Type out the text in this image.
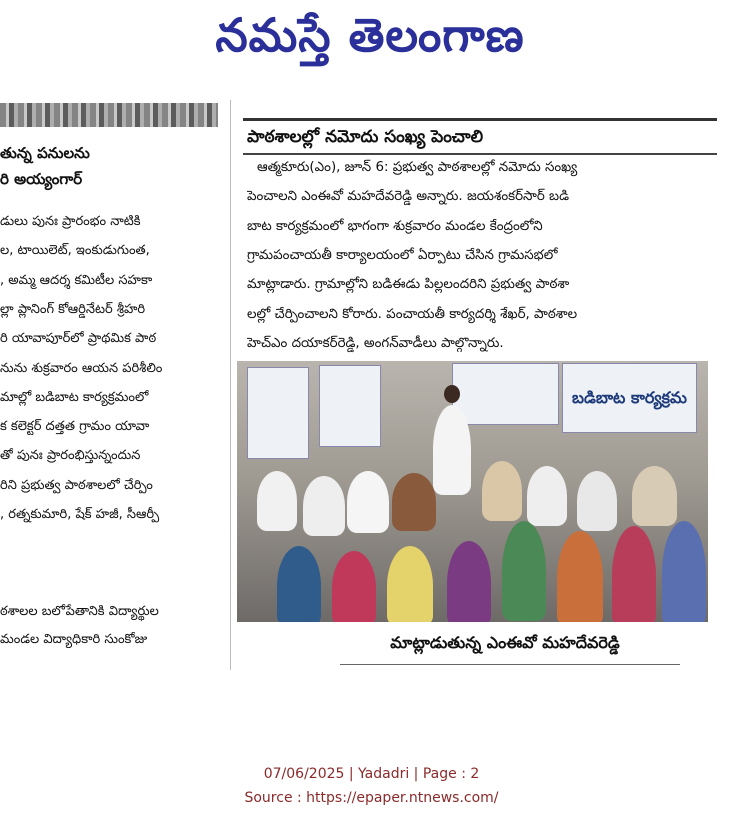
నమస్తే తెలంగాణ
తున్న పనులను
రి అయ్యంగార్
డులు పునః ప్రారంభం నాటికి
ల, టాయిలెట్, ఇంకుడుగుంత,
, అమ్మ ఆదర్శ కమిటీల సహకా
ల్లా ప్లానింగ్ కోఆర్డినేటర్ శ్రీహరి
రి యావాపూర్‌లో ప్రాథమిక పాఠ
నును శుక్రవారం ఆయన పరిశీలిం
మాల్లో బడిబాట కార్యక్రమంలో
క కలెక్టర్ దత్తత గ్రామం యావా
తో పునః ప్రారంభిస్తున్నందున
రిని ప్రభుత్వ పాఠశాలలో చేర్పిం
, రత్నకుమారి, షేక్ హజీ, సీఆర్పీ
ఠశాలల బలోపేతానికి విద్యార్థుల
మండల విద్యాధికారి సుంకోజు
పాఠశాలల్లో నమోదు సంఖ్య పెంచాలి
ఆత్మకూరు(ఎం), జూన్ 6: ప్రభుత్వ పాఠశాలల్లో నమోదు సంఖ్య
పెంచాలని ఎంఈవో మహదేవరెడ్డి అన్నారు. జయశంకర్‌సార్ బడి
బాట కార్యక్రమంలో భాగంగా శుక్రవారం మండల కేంద్రంలోని
గ్రామపంచాయతీ కార్యాలయంలో ఏర్పాటు చేసిన గ్రామసభలో
మాట్లాడారు. గ్రామాల్లోని బడిఈడు పిల్లలందరిని ప్రభుత్వ పాఠశా
లల్లో చేర్పించాలని కోరారు. పంచాయతీ కార్యదర్శి శేఖర్, పాఠశాల
హెచ్‌ఎం దయాకర్‌రెడ్డి, అంగన్‌వాడీలు పాల్గొన్నారు.
బడిబాట కార్యక్రమ
మాట్లాడుతున్న ఎంఈవో మహదేవరెడ్డి
07/06/2025 | Yadadri | Page : 2
Source : https://epaper.ntnews.com/
